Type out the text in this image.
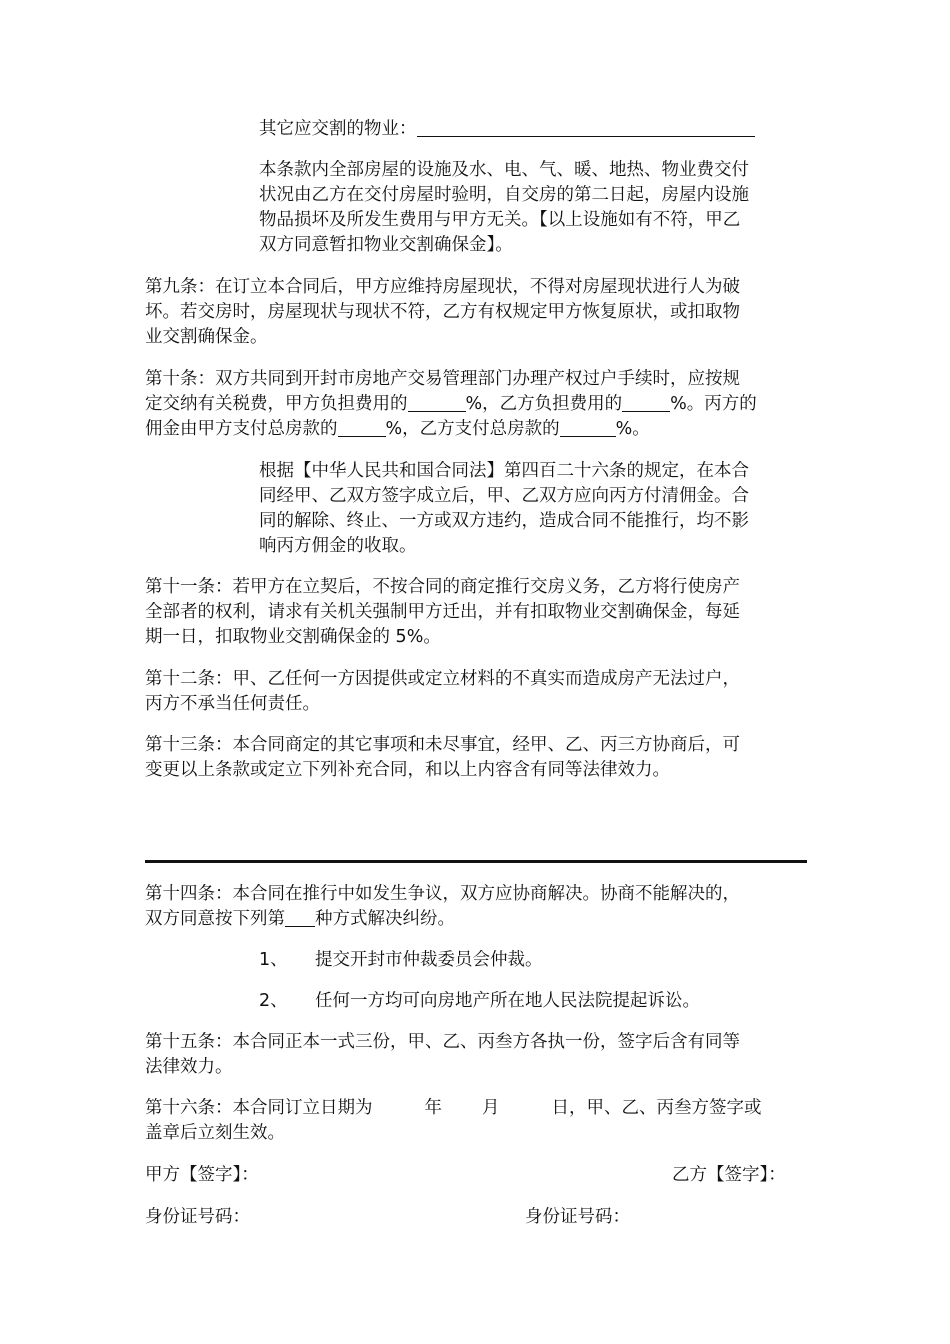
其它应交割的物业：

本条款内全部房屋的设施及水、电、气、暖、地热、物业费交付
状况由乙方在交付房屋时验明，自交房的第二日起，房屋内设施
物品损坏及所发生费用与甲方无关。【以上设施如有不符，甲乙
双方同意暂扣物业交割确保金】。

第九条：在订立本合同后，甲方应维持房屋现状，不得对房屋现状进行人为破
坏。若交房时，房屋现状与现状不符，乙方有权规定甲方恢复原状，或扣取物
业交割确保金。

第十条：双方共同到开封市房地产交易管理部门办理产权过户手续时，应按规
定交纳有关税费，甲方负担费用的	%，乙方负担费用的	%。丙方的
佣金由甲方支付总房款的	%，乙方支付总房款的	%。

根据【中华人民共和国合同法】第四百二十六条的规定，在本合
同经甲、乙双方签字成立后，甲、乙双方应向丙方付清佣金。合
同的解除、终止、一方或双方违约，造成合同不能推行，均不影
响丙方佣金的收取。

第十一条：若甲方在立契后，不按合同的商定推行交房义务，乙方将行使房产
全部者的权利，请求有关机关强制甲方迁出，并有扣取物业交割确保金，每延
期一日，扣取物业交割确保金的 5%。

第十二条：甲、乙任何一方因提供或定立材料的不真实而造成房产无法过户，
丙方不承当任何责任。

第十三条：本合同商定的其它事项和未尽事宜，经甲、乙、丙三方协商后，可
变更以上条款或定立下列补充合同，和以上内容含有同等法律效力。

第十四条：本合同在推行中如发生争议，双方应协商解决。协商不能解决的，
双方同意按下列第 种方式解决纠纷。

1、 提交开封市仲裁委员会仲裁。

2、 任何一方均可向房地产所在地人民法院提起诉讼。

第十五条：本合同正本一式三份，甲、乙、丙叁方各执一份，签字后含有同等
法律效力。

第十六条：本合同订立日期为	年 月	日，甲、乙、丙叁方签字或
盖章后立刻生效。

甲方【签字】：	乙方【签字】：

身份证号码：	身份证号码：
